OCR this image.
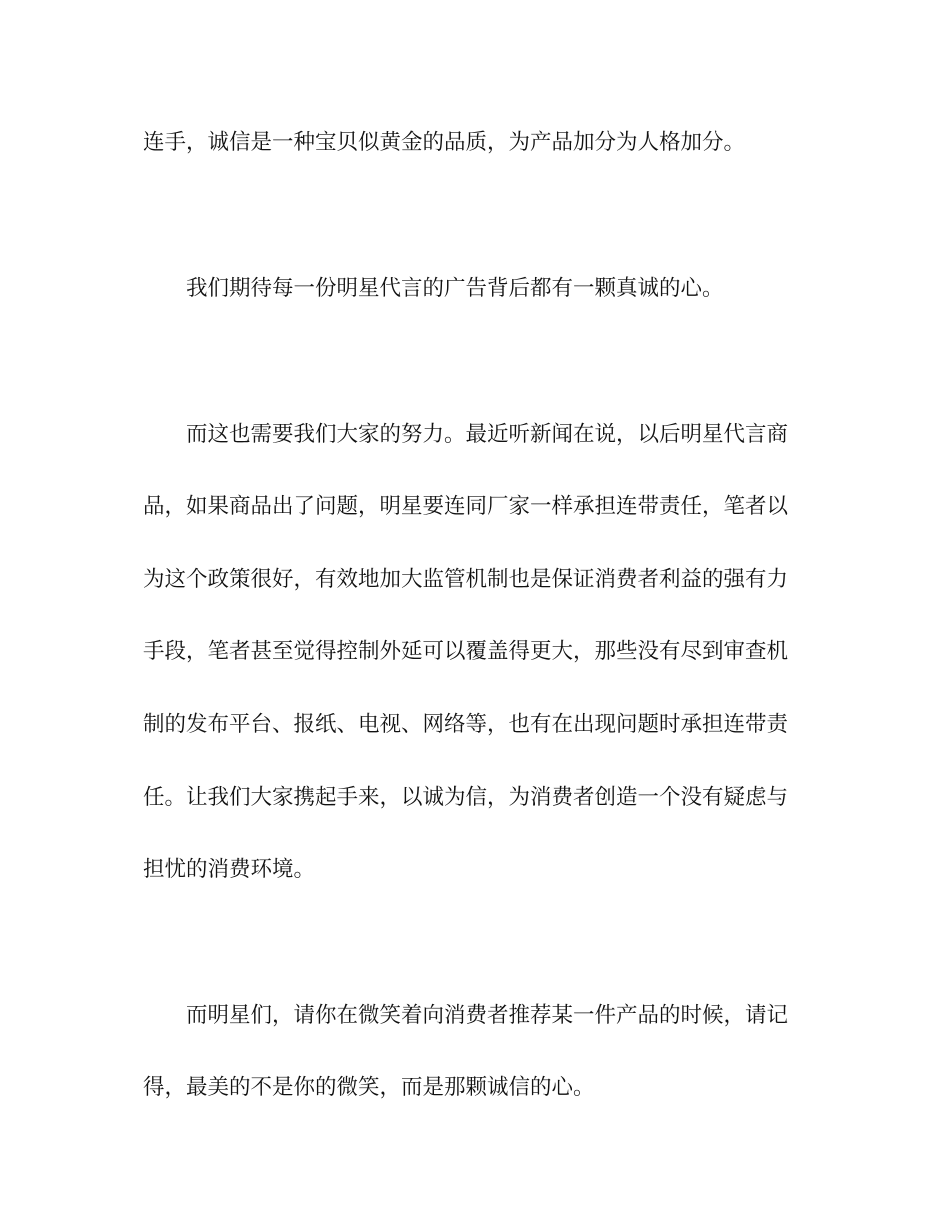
连手，诚信是一种宝贝似黄金的品质，为产品加分为人格加分。

我们期待每一份明星代言的广告背后都有一颗真诚的心。

而这也需要我们大家的努力。最近听新闻在说，以后明星代言商

品，如果商品出了问题，明星要连同厂家一样承担连带责任，笔者以

为这个政策很好，有效地加大监管机制也是保证消费者利益的强有力

手段，笔者甚至觉得控制外延可以覆盖得更大，那些没有尽到审查机

制的发布平台、报纸、电视、网络等，也有在出现问题时承担连带责

任。让我们大家携起手来，以诚为信，为消费者创造一个没有疑虑与

担忧的消费环境。

而明星们，请你在微笑着向消费者推荐某一件产品的时候，请记

得，最美的不是你的微笑，而是那颗诚信的心。
